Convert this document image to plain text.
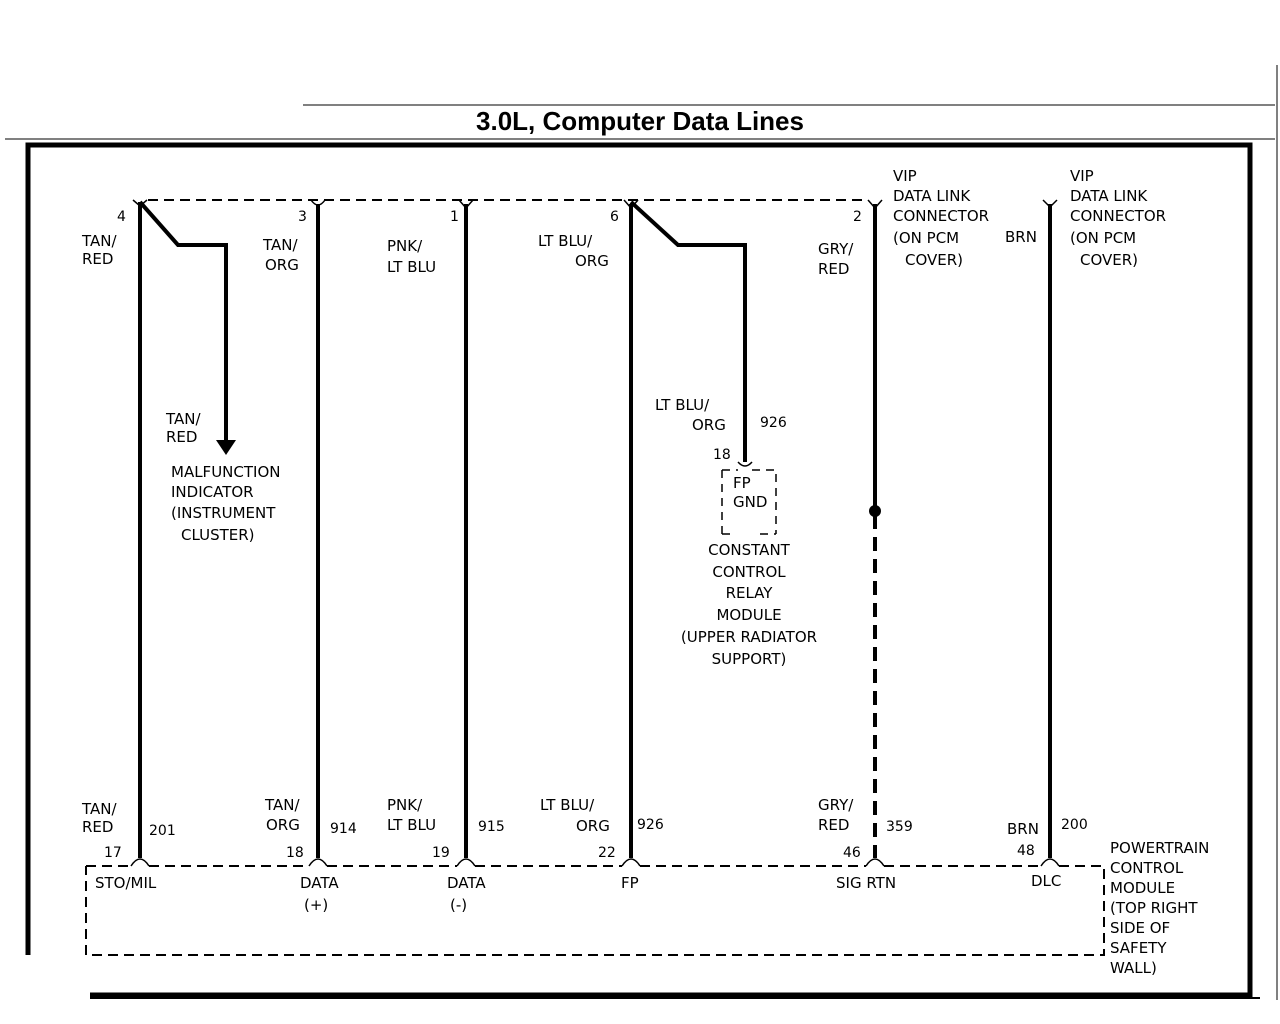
3.0L, Computer Data Lines
4	3	1	6	2
VIP
DATA LINK
CONNECTOR
(ON PCM
COVER)
VIP
DATA LINK
CONNECTOR
(ON PCM
COVER)
TAN/
RED
TAN/
ORG
PNK/
LT BLU
LT BLU/
ORG
GRY/
RED
BRN
TAN/
RED
MALFUNCTION
INDICATOR
(INSTRUMENT
CLUSTER)
LT BLU/
ORG 926
18
FP
GND
CONSTANT
CONTROL
RELAY
MODULE
(UPPER RADIATOR
SUPPORT)
TAN/
RED	201
17
TAN/
ORG 914
18
PNK/
LT BLU	915
19
LT BLU/
ORG 926
22
GRY/
RED	359
46
BRN 200
48
STO/MIL	DATA
(+)
DATA
(-)
FP	SIG RTN	DLC
POWERTRAIN
CONTROL
MODULE
(TOP RIGHT
SIDE OF
SAFETY
WALL)
